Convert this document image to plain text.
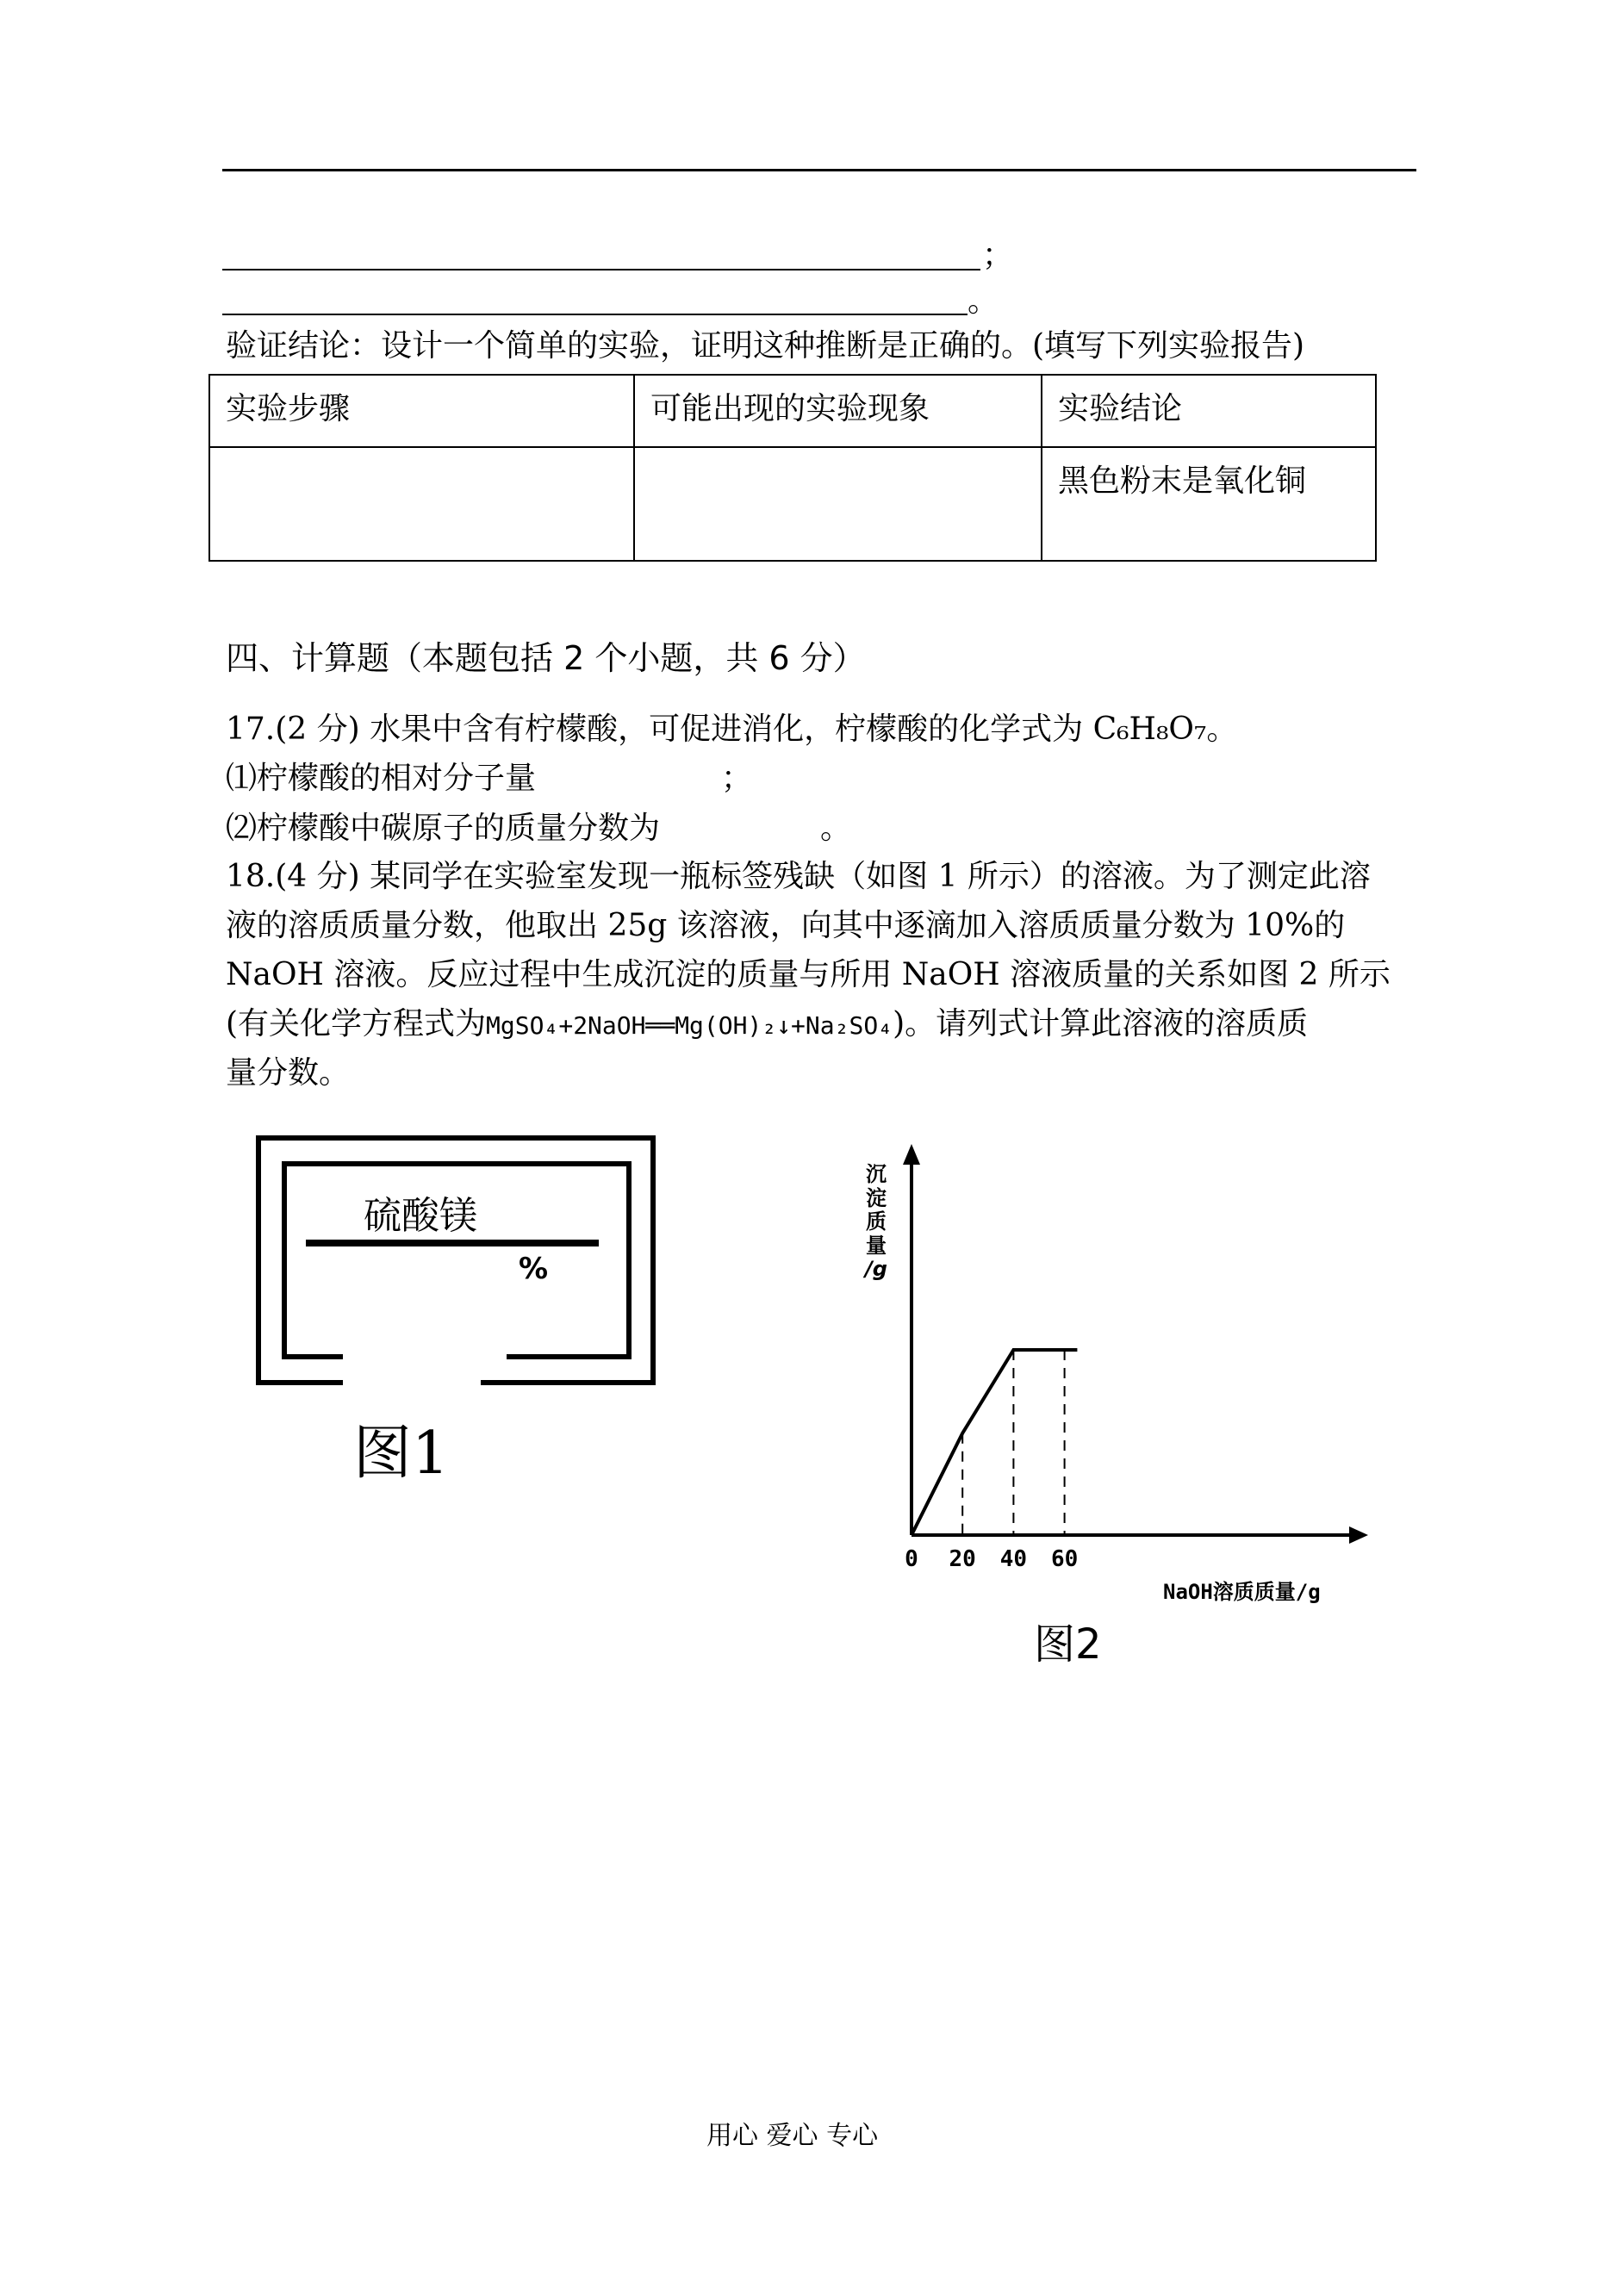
；
。
验证结论：设计一个简单的实验，证明这种推断是正确的。(填写下列实验报告)
实验步骤	可能出现的实验现象	实验结论
		黑色粉末是氧化铜
四、计算题（本题包括 2 个小题，共 6 分）
17.(2 分) 水果中含有柠檬酸，可促进消化，柠檬酸的化学式为 C₆H₈O₇。
⑴柠檬酸的相对分子量	；
⑵柠檬酸中碳原子的质量分数为	。
18.(4 分) 某同学在实验室发现一瓶标签残缺（如图 1 所示）的溶液。为了测定此溶
液的溶质质量分数，他取出 25g 该溶液，向其中逐滴加入溶质质量分数为 10%的
NaOH 溶液。反应过程中生成沉淀的质量与所用 NaOH 溶液质量的关系如图 2 所示
(有关化学方程式为MgSO₄+2NaOH══Mg(OH)₂↓+Na₂SO₄)。请列式计算此溶液的溶质质
量分数。
硫酸镁
%
图1
0 20 40 60
沉
淀
质
量
/g
NaOH溶质质量/g
图2
用心 爱心 专心
